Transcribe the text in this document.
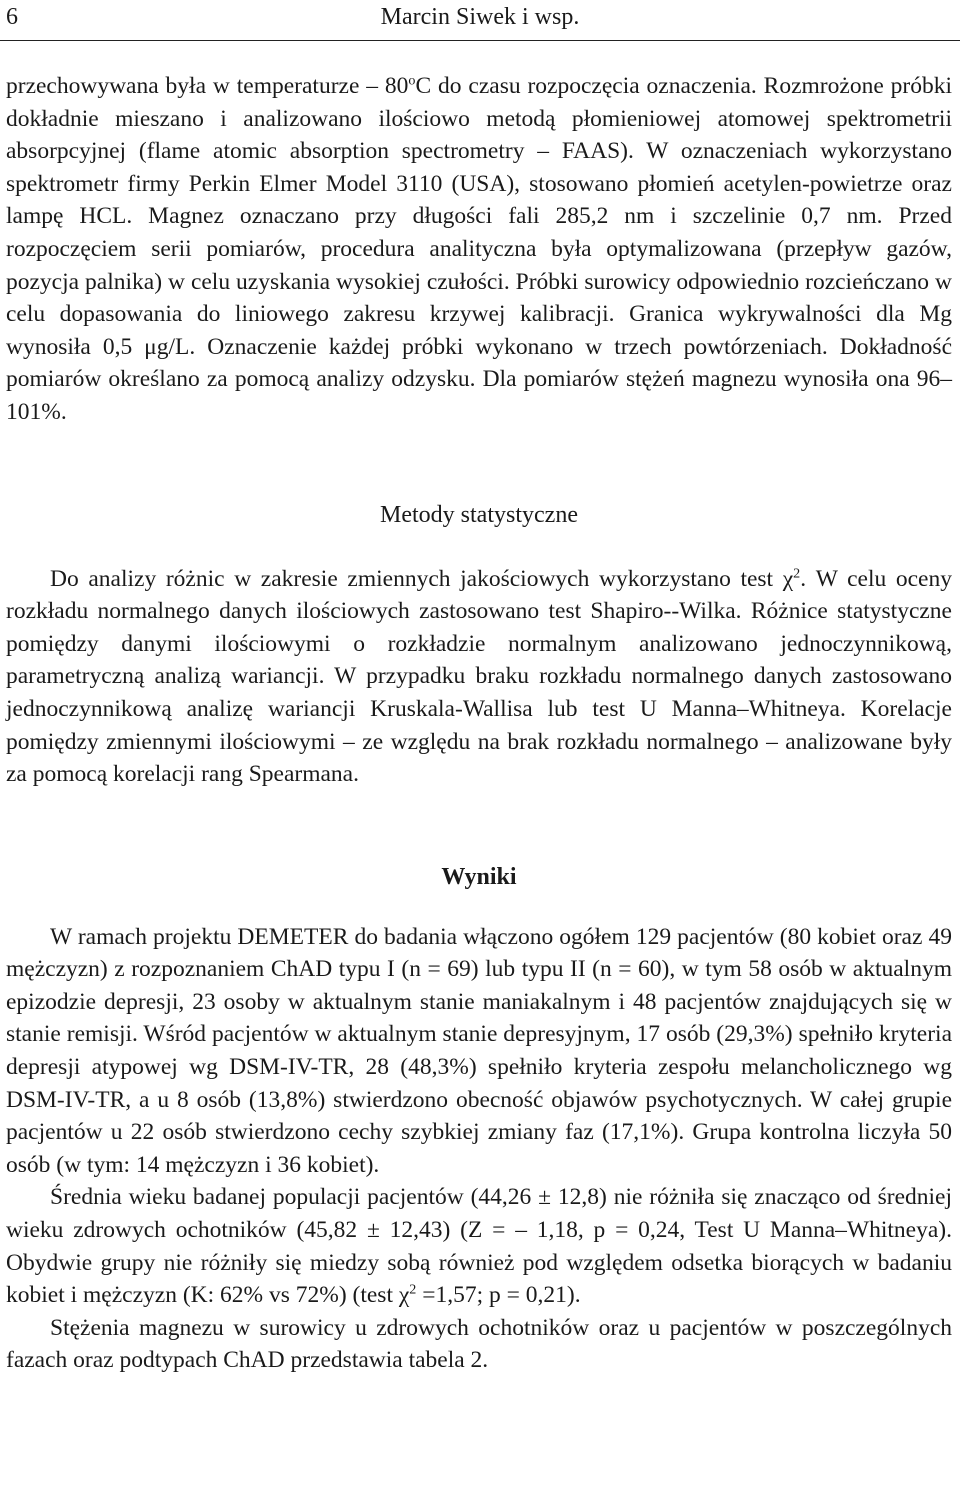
6	Marcin Siwek i wsp.

przechowywana była w temperaturze – 80$^o$C do czasu rozpoczęcia oznaczenia. Rozmrożone próbki dokładnie mieszano i analizowano ilościowo metodą płomieniowej atomowej spektrometrii absorpcyjnej (flame atomic absorption spectrometry – FAAS). W oznaczeniach wykorzystano spektrometr firmy Perkin Elmer Model 3110 (USA), stosowano płomień acetylen-powietrze oraz lampę HCL. Magnez oznaczano przy długości fali 285,2 nm i szczelinie 0,7 nm. Przed rozpoczęciem serii pomiarów, procedura analityczna była optymalizowana (przepływ gazów, pozycja palnika) w celu uzyskania wysokiej czułości. Próbki surowicy odpowiednio rozcieńczano w celu dopasowania do liniowego zakresu krzywej kalibracji. Granica wykrywalności dla Mg wynosiła 0,5 μg/L. Oznaczenie każdej próbki wykonano w trzech powtórzeniach. Dokładność pomiarów określano za pomocą analizy odzysku. Dla pomiarów stężeń magnezu wynosiła ona 96–101%.

Metody statystyczne

Do analizy różnic w zakresie zmiennych jakościowych wykorzystano test $\chi^2$. W celu oceny rozkładu normalnego danych ilościowych zastosowano test Shapiro--Wilka. Różnice statystyczne pomiędzy danymi ilościowymi o rozkładzie normalnym analizowano jednoczynnikową, parametryczną analizą wariancji. W przypadku braku rozkładu normalnego danych zastosowano jednoczynnikową analizę wariancji Kruskala-Wallisa lub test U Manna–Whitneya. Korelacje pomiędzy zmiennymi ilościowymi – ze względu na brak rozkładu normalnego – analizowane były za pomocą korelacji rang Spearmana.

Wyniki

W ramach projektu DEMETER do badania włączono ogółem 129 pacjentów (80 kobiet oraz 49 mężczyzn) z rozpoznaniem ChAD typu I (n = 69) lub typu II (n = 60), w tym 58 osób w aktualnym epizodzie depresji, 23 osoby w aktualnym stanie maniakalnym i 48 pacjentów znajdujących się w stanie remisji. Wśród pacjentów w aktualnym stanie depresyjnym, 17 osób (29,3%) spełniło kryteria depresji atypowej wg DSM-IV-TR, 28 (48,3%) spełniło kryteria zespołu melancholicznego wg DSM-IV-TR, a u 8 osób (13,8%) stwierdzono obecność objawów psychotycznych. W całej grupie pacjentów u 22 osób stwierdzono cechy szybkiej zmiany faz (17,1%). Grupa kontrolna liczyła 50 osób (w tym: 14 mężczyzn i 36 kobiet).

Średnia wieku badanej populacji pacjentów (44,26 ± 12,8) nie różniła się znacząco od średniej wieku zdrowych ochotników (45,82 ± 12,43) (Z = – 1,18, p = 0,24, Test U Manna–Whitneya). Obydwie grupy nie różniły się miedzy sobą również pod względem odsetka biorących w badaniu kobiet i mężczyzn (K: 62% vs 72%) (test $\chi^2 =1,57$; p = 0,21).

Stężenia magnezu w surowicy u zdrowych ochotników oraz u pacjentów w poszczególnych fazach oraz podtypach ChAD przedstawia tabela 2.
